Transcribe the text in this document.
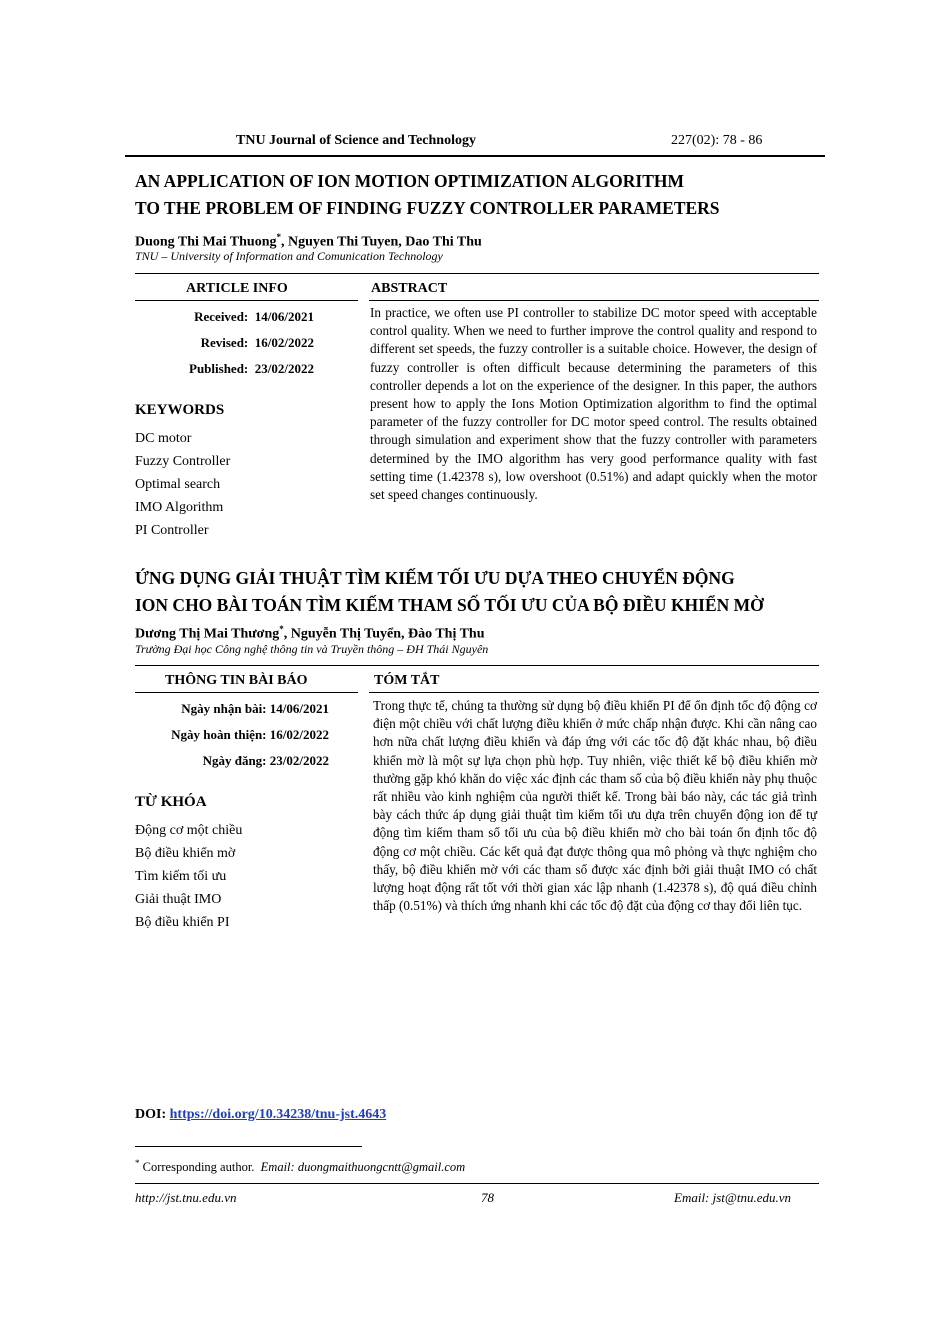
TNU Journal of Science and Technology	227(02): 78 - 86
AN APPLICATION OF ION MOTION OPTIMIZATION ALGORITHM
TO THE PROBLEM OF FINDING FUZZY CONTROLLER PARAMETERS
Duong Thi Mai Thuong*, Nguyen Thi Tuyen, Dao Thi Thu
TNU – University of Information and Comunication Technology
ARTICLE INFO	ABSTRACT
Received: 14/06/2021
Revised: 16/02/2022
Published: 23/02/2022
KEYWORDS
DC motor
Fuzzy Controller
Optimal search
IMO Algorithm
PI Controller
In practice, we often use PI controller to stabilize DC motor speed with acceptable control quality. When we need to further improve the control quality and respond to different set speeds, the fuzzy controller is a suitable choice. However, the design of fuzzy controller is often difficult because determining the parameters of this controller depends a lot on the experience of the designer. In this paper, the authors present how to apply the Ions Motion Optimization algorithm to find the optimal parameter of the fuzzy controller for DC motor speed control. The results obtained through simulation and experiment show that the fuzzy controller with parameters determined by the IMO algorithm has very good performance quality with fast setting time (1.42378 s), low overshoot (0.51%) and adapt quickly when the motor set speed changes continuously.
ỨNG DỤNG GIẢI THUẬT TÌM KIẾM TỐI ƯU DỰA THEO CHUYỂN ĐỘNG
ION CHO BÀI TOÁN TÌM KIẾM THAM SỐ TỐI ƯU CỦA BỘ ĐIỀU KHIỂN MỜ
Dương Thị Mai Thương*, Nguyễn Thị Tuyển, Đào Thị Thu
Trường Đại học Công nghệ thông tin và Truyền thông – ĐH Thái Nguyên
THÔNG TIN BÀI BÁO	TÓM TẮT
Ngày nhận bài: 14/06/2021
Ngày hoàn thiện: 16/02/2022
Ngày đăng: 23/02/2022
TỪ KHÓA
Động cơ một chiều
Bộ điều khiển mờ
Tìm kiếm tối ưu
Giải thuật IMO
Bộ điều khiển PI
Trong thực tế, chúng ta thường sử dụng bộ điều khiển PI để ổn định tốc độ động cơ điện một chiều với chất lượng điều khiển ở mức chấp nhận được. Khi cần nâng cao hơn nữa chất lượng điều khiển và đáp ứng với các tốc độ đặt khác nhau, bộ điều khiển mờ là một sự lựa chọn phù hợp. Tuy nhiên, việc thiết kế bộ điều khiển mờ thường gặp khó khăn do việc xác định các tham số của bộ điều khiển này phụ thuộc rất nhiều vào kinh nghiệm của người thiết kế. Trong bài báo này, các tác giả trình bày cách thức áp dụng giải thuật tìm kiếm tối ưu dựa trên chuyển động ion để tự động tìm kiếm tham số tối ưu của bộ điều khiển mờ cho bài toán ổn định tốc độ động cơ một chiều. Các kết quả đạt được thông qua mô phỏng và thực nghiệm cho thấy, bộ điều khiển mờ với các tham số được xác định bởi giải thuật IMO có chất lượng hoạt động rất tốt với thời gian xác lập nhanh (1.42378 s), độ quá điều chỉnh thấp (0.51%) và thích ứng nhanh khi các tốc độ đặt của động cơ thay đổi liên tục.
DOI: https://doi.org/10.34238/tnu-jst.4643
* Corresponding author. Email: duongmaithuongcntt@gmail.com
http://jst.tnu.edu.vn	78	Email: jst@tnu.edu.vn
